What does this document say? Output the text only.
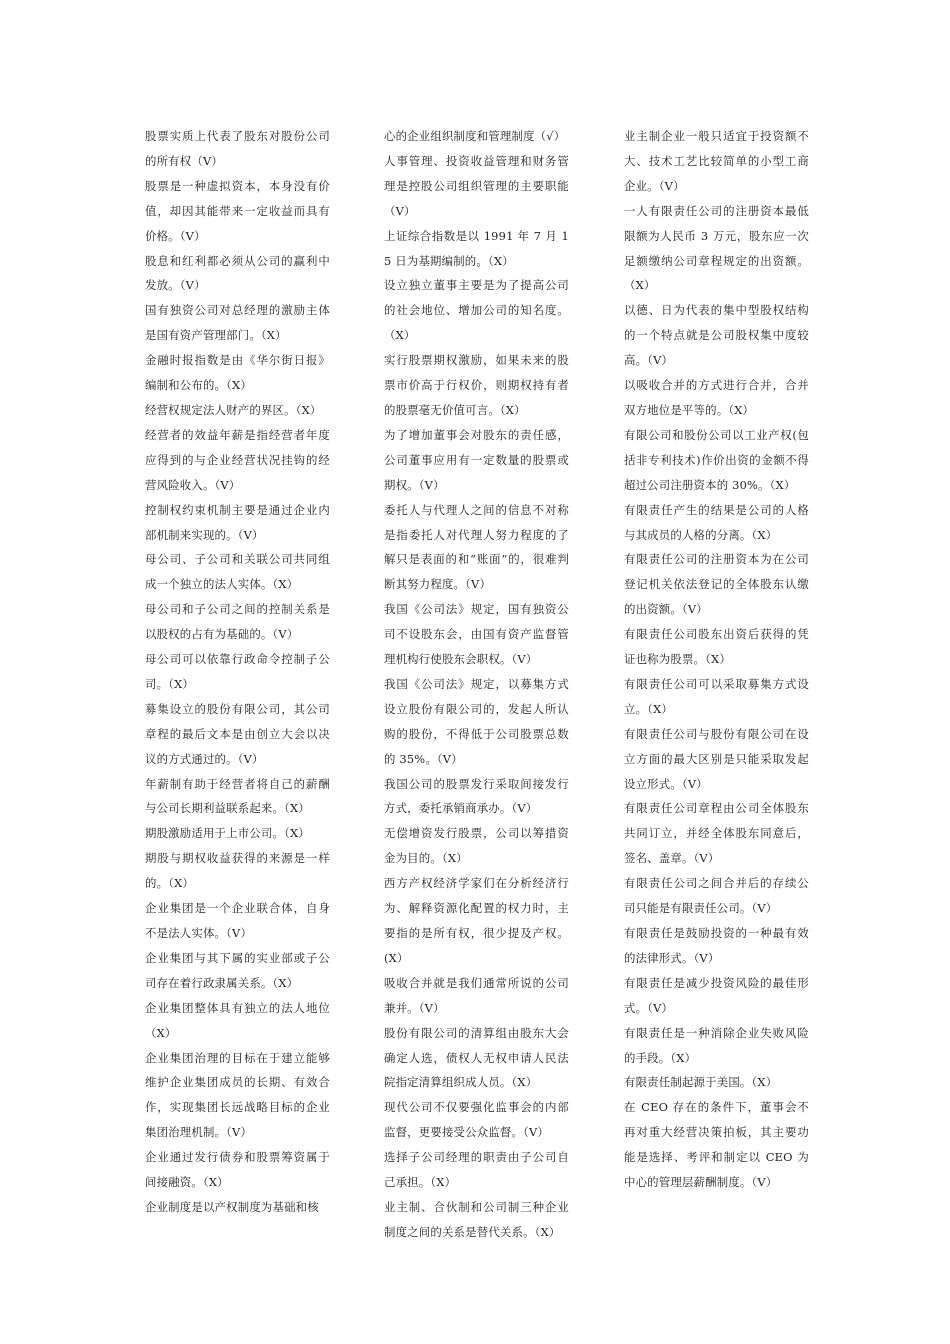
股票实质上代表了股东对股份公司的所有权（V）

股票是一种虚拟资本，本身没有价值，却因其能带来一定收益而具有价格。（V）

股息和红利都必须从公司的赢利中发放。（V）

国有独资公司对总经理的激励主体是国有资产管理部门。（X）

金融时报指数是由《华尔街日报》编制和公布的。（X）

经营权规定法人财产的界区。（X）

经营者的效益年薪是指经营者年度应得到的与企业经营状况挂钩的经营风险收入。（V）

控制权约束机制主要是通过企业内部机制来实现的。（V）

母公司、子公司和关联公司共同组成一个独立的法人实体。（X）

母公司和子公司之间的控制关系是以股权的占有为基础的。（V）

母公司可以依靠行政命令控制子公司。（X）

募集设立的股份有限公司，其公司章程的最后文本是由创立大会以决议的方式通过的。（V）

年薪制有助于经营者将自己的薪酬与公司长期利益联系起来。（X）

期股激励适用于上市公司。（X）

期股与期权收益获得的来源是一样的。（X）

企业集团是一个企业联合体，自身不是法人实体。（V）

企业集团与其下属的实业部或子公司存在着行政隶属关系。（X）

企业集团整体具有独立的法人地位（X）

企业集团治理的目标在于建立能够维护企业集团成员的长期、有效合作，实现集团长远战略目标的企业集团治理机制。（V）

企业通过发行债券和股票筹资属于间接融资。（X）

企业制度是以产权制度为基础和核

心的企业组织制度和管理制度（√）

人事管理、投资收益管理和财务管理是控股公司组织管理的主要职能（V）

上证综合指数是以 1991 年 7 月 15 日为基期编制的。（X）

设立独立董事主要是为了提高公司的社会地位、增加公司的知名度。（X）

实行股票期权激励，如果未来的股票市价高于行权价，则期权持有者的股票毫无价值可言。（X）

为了增加董事会对股东的责任感，公司董事应用有一定数量的股票或期权。（V）

委托人与代理人之间的信息不对称是指委托人对代理人努力程度的了解只是表面的和“账面”的，很难判断其努力程度。（V）

我国《公司法》规定，国有独资公司不设股东会，由国有资产监督管理机构行使股东会职权。（V）

我国《公司法》规定，以募集方式设立股份有限公司的，发起人所认购的股份，不得低于公司股票总数的 35%。（V）

我国公司的股票发行采取间接发行方式，委托承销商承办。（V）

无偿增资发行股票，公司以筹措资金为目的。（X）

西方产权经济学家们在分析经济行为、解释资源化配置的权力时，主要指的是所有权，很少提及产权。(X）

吸收合并就是我们通常所说的公司兼并。（V）

股份有限公司的清算组由股东大会确定人选，债权人无权申请人民法院指定清算组织成人员。（X）

现代公司不仅要强化监事会的内部监督，更要接受公众监督。（V）

选择子公司经理的职责由子公司自己承担。（X）

业主制、合伙制和公司制三种企业制度之间的关系是替代关系。（X）

业主制企业一般只适宜于投资额不大、技术工艺比较简单的小型工商企业。（V）

一人有限责任公司的注册资本最低限额为人民币 3 万元，股东应一次足额缴纳公司章程规定的出资额。（X）

以德、日为代表的集中型股权结构的一个特点就是公司股权集中度较高。（V）

以吸收合并的方式进行合并，合并双方地位是平等的。（X）

有限公司和股份公司以工业产权(包括非专利技术)作价出资的金额不得超过公司注册资本的 30%。（X）

有限责任产生的结果是公司的人格与其成员的人格的分离。（X）

有限责任公司的注册资本为在公司登记机关依法登记的全体股东认缴的出资额。（V）

有限责任公司股东出资后获得的凭证也称为股票。（X）

有限责任公司可以采取募集方式设立。（X）

有限责任公司与股份有限公司在设立方面的最大区别是只能采取发起设立形式。（V）

有限责任公司章程由公司全体股东共同订立，并经全体股东同意后，签名、盖章。（V）

有限责任公司之间合并后的存续公司只能是有限责任公司。（V）

有限责任是鼓励投资的一种最有效的法律形式。（V）

有限责任是减少投资风险的最佳形式。（V）

有限责任是一种消除企业失败风险的手段。（X）

有限责任制起源于美国。（X）

在 CEO 存在的条件下，董事会不再对重大经营决策拍板，其主要功能是选择、考评和制定以 CEO 为中心的管理层薪酬制度。（V）
